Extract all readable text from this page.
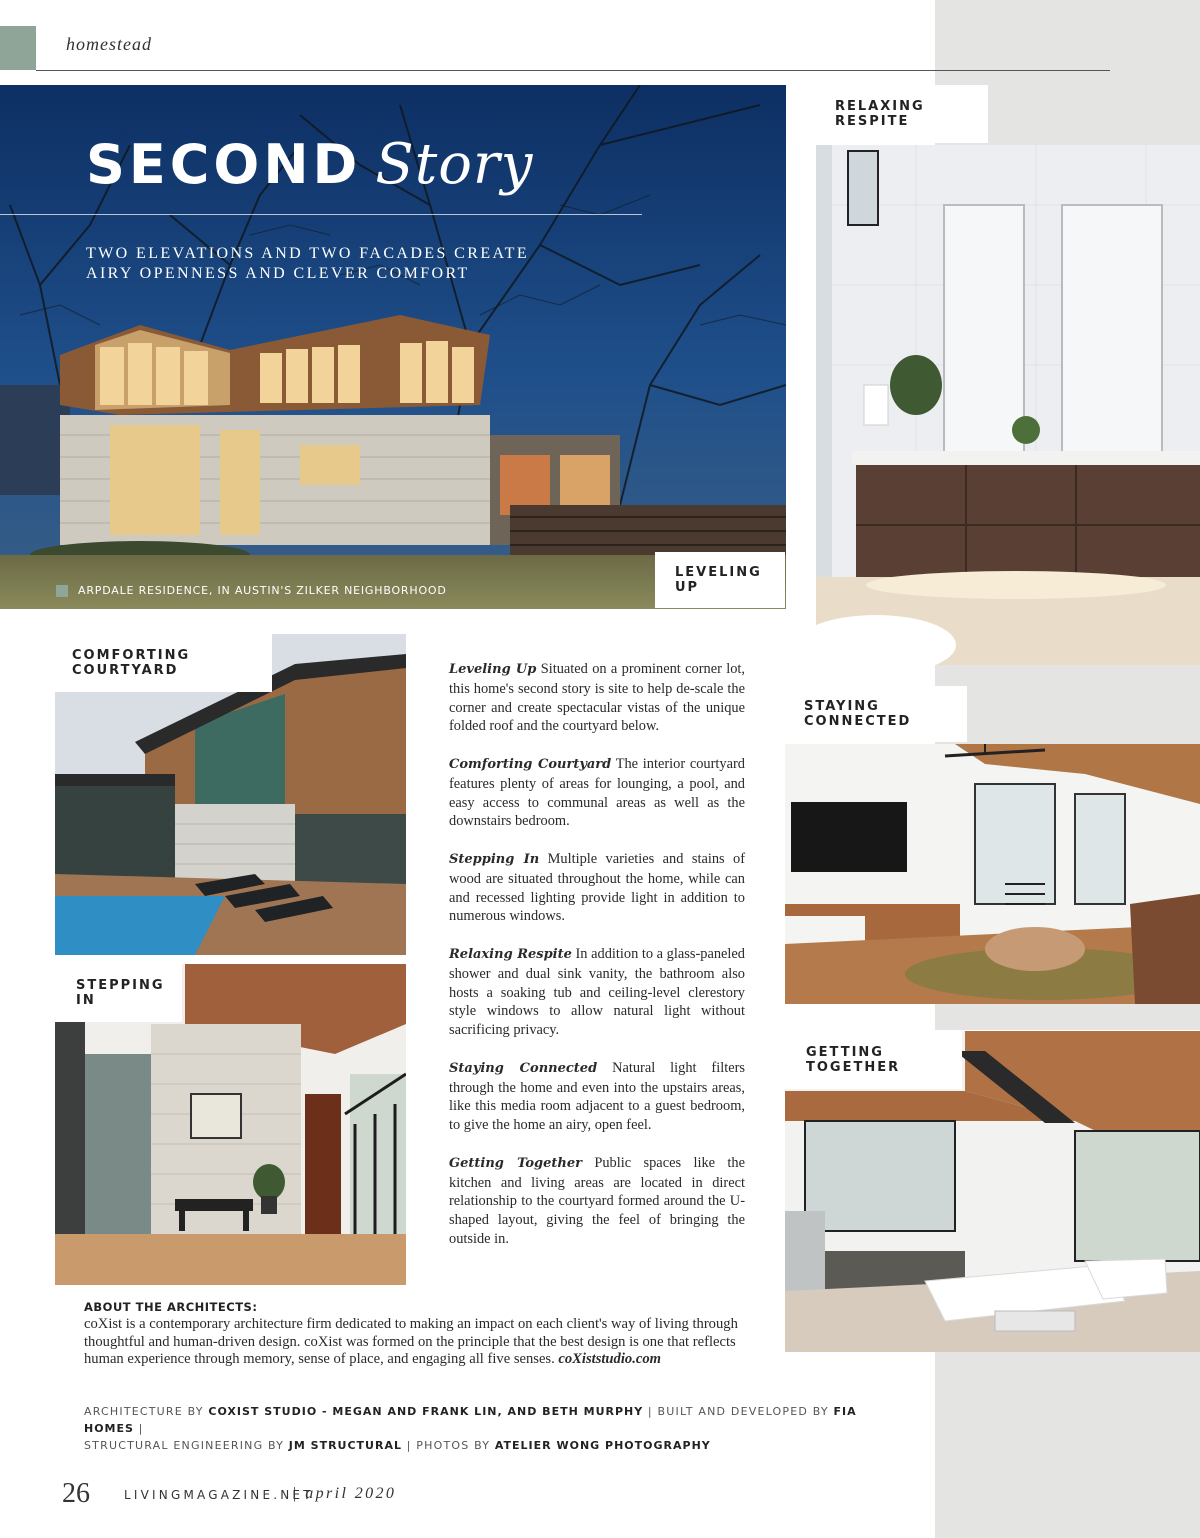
homestead
SECOND Story
TWO ELEVATIONS AND TWO FACADES CREATE AIRY OPENNESS AND CLEVER COMFORT
ARPDALE RESIDENCE, IN AUSTIN'S ZILKER NEIGHBORHOOD
LEVELING UP
RELAXING RESPITE
COMFORTING COURTYARD
STEPPING IN
STAYING CONNECTED
GETTING TOGETHER

Leveling Up Situated on a prominent corner lot, this home's second story is site to help de-scale the corner and create spectacular vistas of the unique folded roof and the courtyard below.

Comforting Courtyard The interior courtyard features plenty of areas for lounging, a pool, and easy access to communal areas as well as the downstairs bedroom.

Stepping In Multiple varieties and stains of wood are situated throughout the home, while can and recessed lighting provide light in addition to numerous windows.

Relaxing Respite In addition to a glass-paneled shower and dual sink vanity, the bathroom also hosts a soaking tub and ceiling-level clerestory style windows to allow natural light without sacrificing privacy.

Staying Connected Natural light filters through the home and even into the upstairs areas, like this media room adjacent to a guest bedroom, to give the home an airy, open feel.

Getting Together Public spaces like the kitchen and living areas are located in direct relationship to the courtyard formed around the U-shaped layout, giving the feel of bringing the outside in.

ABOUT THE ARCHITECTS:
coXist is a contemporary architecture firm dedicated to making an impact on each client's way of living through thoughtful and human-driven design. coXist was formed on the principle that the best design is one that reflects human experience through memory, sense of place, and engaging all five senses. coXiststudio.com
ARCHITECTURE BY COXIST STUDIO - MEGAN AND FRANK LIN, AND BETH MURPHY | BUILT AND DEVELOPED BY FIA HOMES |
STRUCTURAL ENGINEERING BY JM STRUCTURAL | PHOTOS BY ATELIER WONG PHOTOGRAPHY
26	LIVINGMAGAZINE.NET
| april 2020
